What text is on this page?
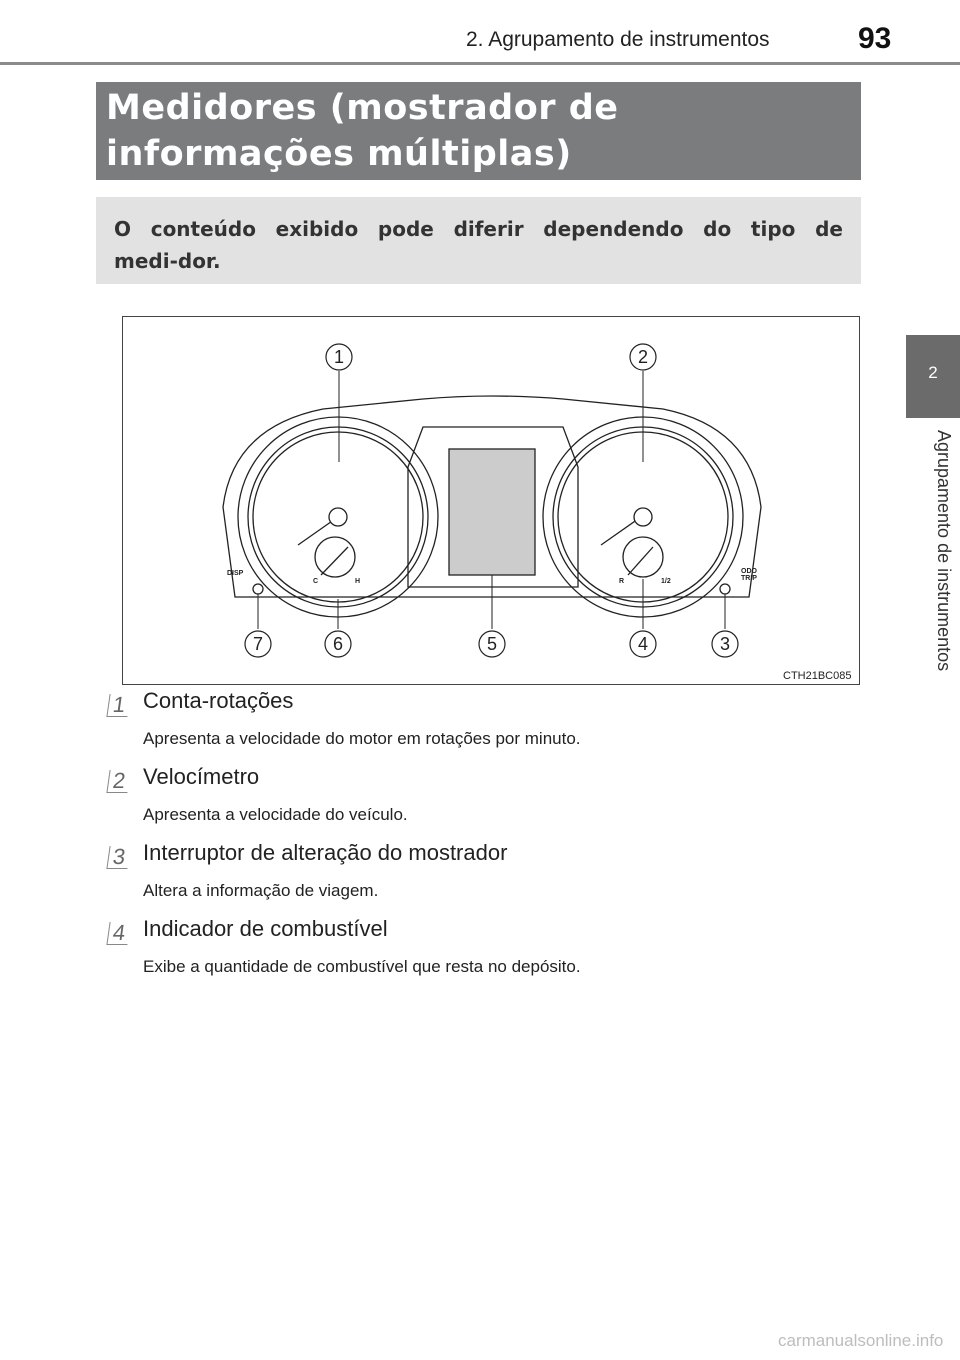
2. Agrupamento de instrumentos	93
2
Agrupamento de instrumentos
Medidores (mostrador de informações múltiplas)

O conteúdo exibido pode diferir dependendo do tipo de medi-dor.

DISP	ODO
TRIP
C	H	R	1/2
1	2
3
4
5
6
7
CTH21BC085
1 Conta-rotações
Apresenta a velocidade do motor em rotações por minuto.
2 Velocímetro
Apresenta a velocidade do veículo.
3 Interruptor de alteração do mostrador
Altera a informação de viagem.
4 Indicador de combustível
Exibe a quantidade de combustível que resta no depósito.
carmanualsonline.info
